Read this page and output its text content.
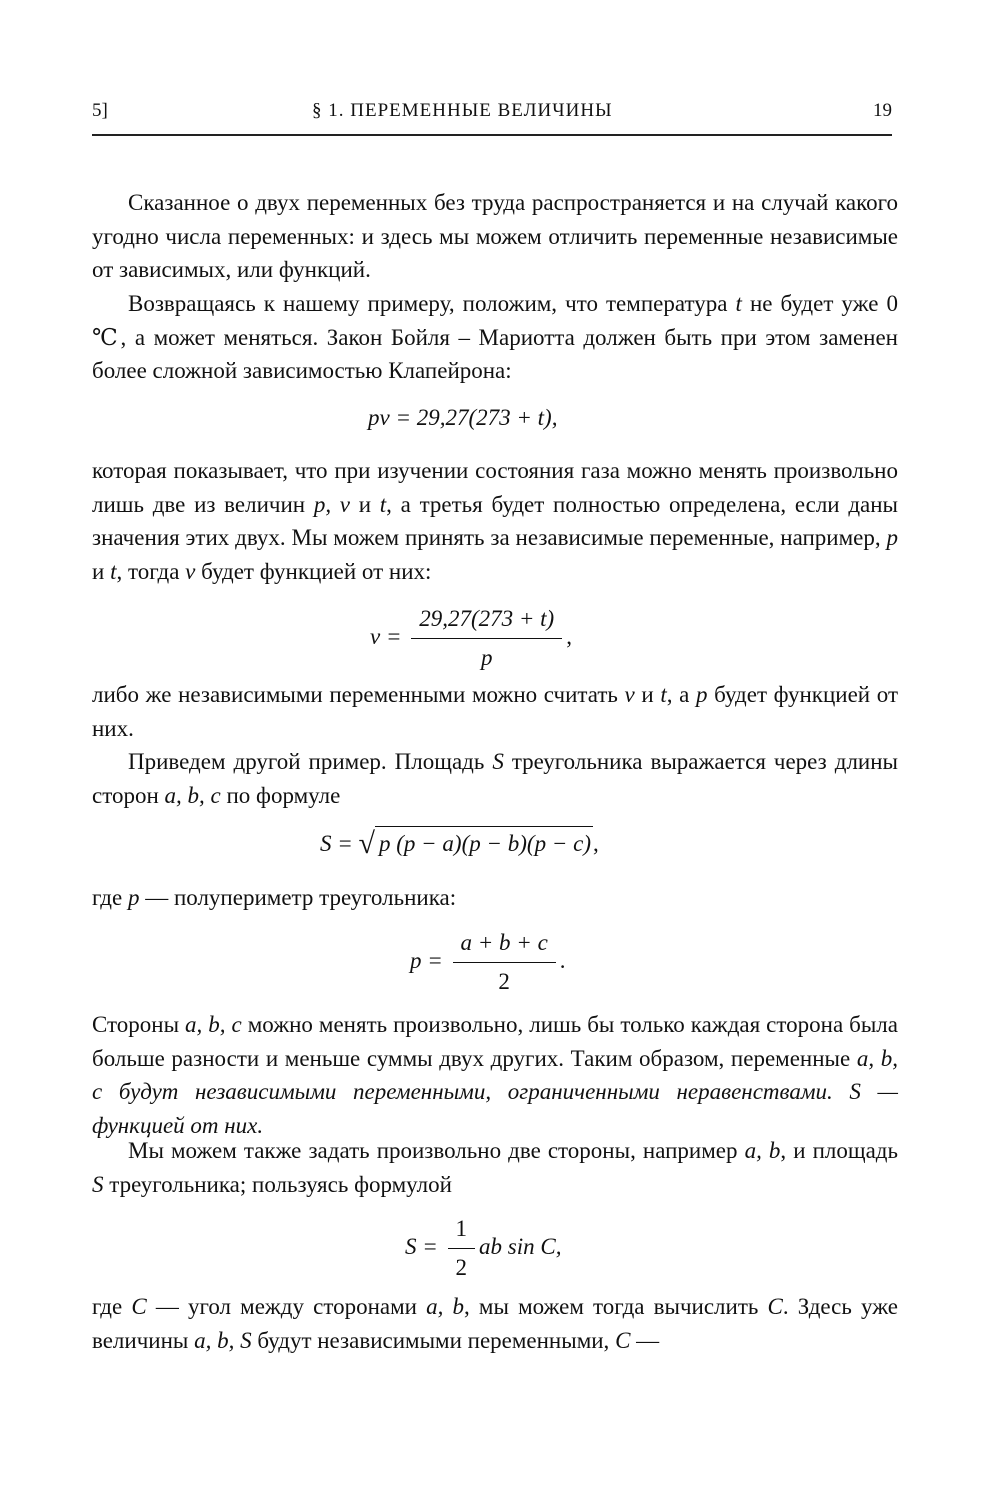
5]	§ 1. ПЕРЕМЕННЫЕ ВЕЛИЧИНЫ	19

Сказанное о двух переменных без труда распространяется и на случай какого угодно числа переменных: и здесь мы можем отличить переменные независимые от зависимых, или функций.

Возвращаясь к нашему примеру, положим, что температура t не будет уже 0 ℃, а может меняться. Закон Бойля – Мариотта должен быть при этом заменен более сложной зависимостью Клапейрона:

pv = 29,27(273 + t),

которая показывает, что при изучении состояния газа можно менять произвольно лишь две из величин p, v и t, а третья будет полностью определена, если даны значения этих двух. Мы можем принять за независимые переменные, например, p и t, тогда v будет функцией от них:

$v = \frac{29,27(273 + t)}{p}$ ,

либо же независимыми переменными можно считать v и t, а p будет функцией от них.

Приведем другой пример. Площадь S треугольника выражается через длины сторон a, b, c по формуле

S = √ p (p − a)(p − b)(p − c),

где p — полупериметр треугольника:

$p = \frac{a + b + c}{2}$ .

Стороны a, b, c можно менять произвольно, лишь бы только каждая сторона была больше разности и меньше суммы двух других. Таким образом, переменные a, b, c будут независимыми переменными, ограниченными неравенствами. S — функцией от них.

Мы можем также задать произвольно две стороны, например a, b, и площадь S треугольника; пользуясь формулой

$S = \frac{1}{2}$ ab sin C,

где C — угол между сторонами a, b, мы можем тогда вычислить C. Здесь уже величины a, b, S будут независимыми переменными, C —
